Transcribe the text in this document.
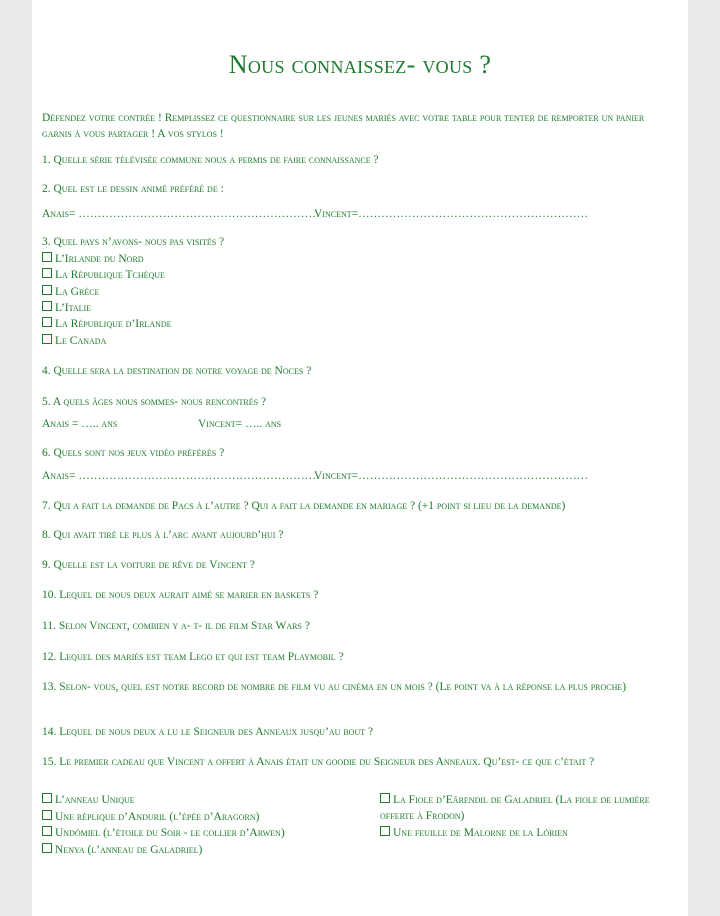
Nous connaissez- vous ?
Défendez votre contrée ! Remplissez ce questionnaire sur les jeunes mariés avec votre table pour tenter de remporter un panier garnis à vous partager ! A vos stylos !
1. Quelle série télévisée commune nous a permis de faire connaissance ?
2. Quel est le dessin animé préféré de :
Anais= ………………………………………………………
Vincent=……………………………………………………
3. Quel pays n’avons- nous pas visités ?
L’Irlande du Nord
La République Tchèque
La Grèce
L’Italie
La République d’Irlande
Le Canada
4. Quelle sera la destination de notre voyage de Noces ?
5. A quels âges nous sommes- nous rencontrés ?
Anais = ….. ans	Vincent= ….. ans
6. Quels sont nos jeux vidéo préférés ?
Anais= ………………………………………………………
Vincent=……………………………………………………
7. Qui a fait la demande de Pacs à l’autre ? Qui a fait la demande en mariage ? (+1 point si lieu de la demande)
8. Qui avait tiré le plus à l’arc avant aujourd’hui ?
9. Quelle est la voiture de rêve de Vincent ?
10. Lequel de nous deux aurait aimé se marier en baskets ?
11. Selon Vincent, combien y a- t- il de film Star Wars ?
12. Lequel des mariés est team Lego et qui est team Playmobil ?
13. Selon- vous, quel est notre record de nombre de film vu au cinéma en un mois ? (Le point va à la réponse la plus proche)
14. Lequel de nous deux a lu le Seigneur des Anneaux jusqu’au bout ?
15. Le premier cadeau que Vincent a offert à Anais était un goodie du Seigneur des Anneaux. Qu’est- ce que c’était ?
L’anneau Unique
Une réplique d’Anduril (l’épée d’Aragorn)
Undómiel (l’étoile du Soir - le collier d’Arwen)
Nenya (l’anneau de Galadriel)
La Fiole d’Eärendil de Galadriel (La fiole de lumière offerte à Frodon)
Une feuille de Malorne de la Lórien
